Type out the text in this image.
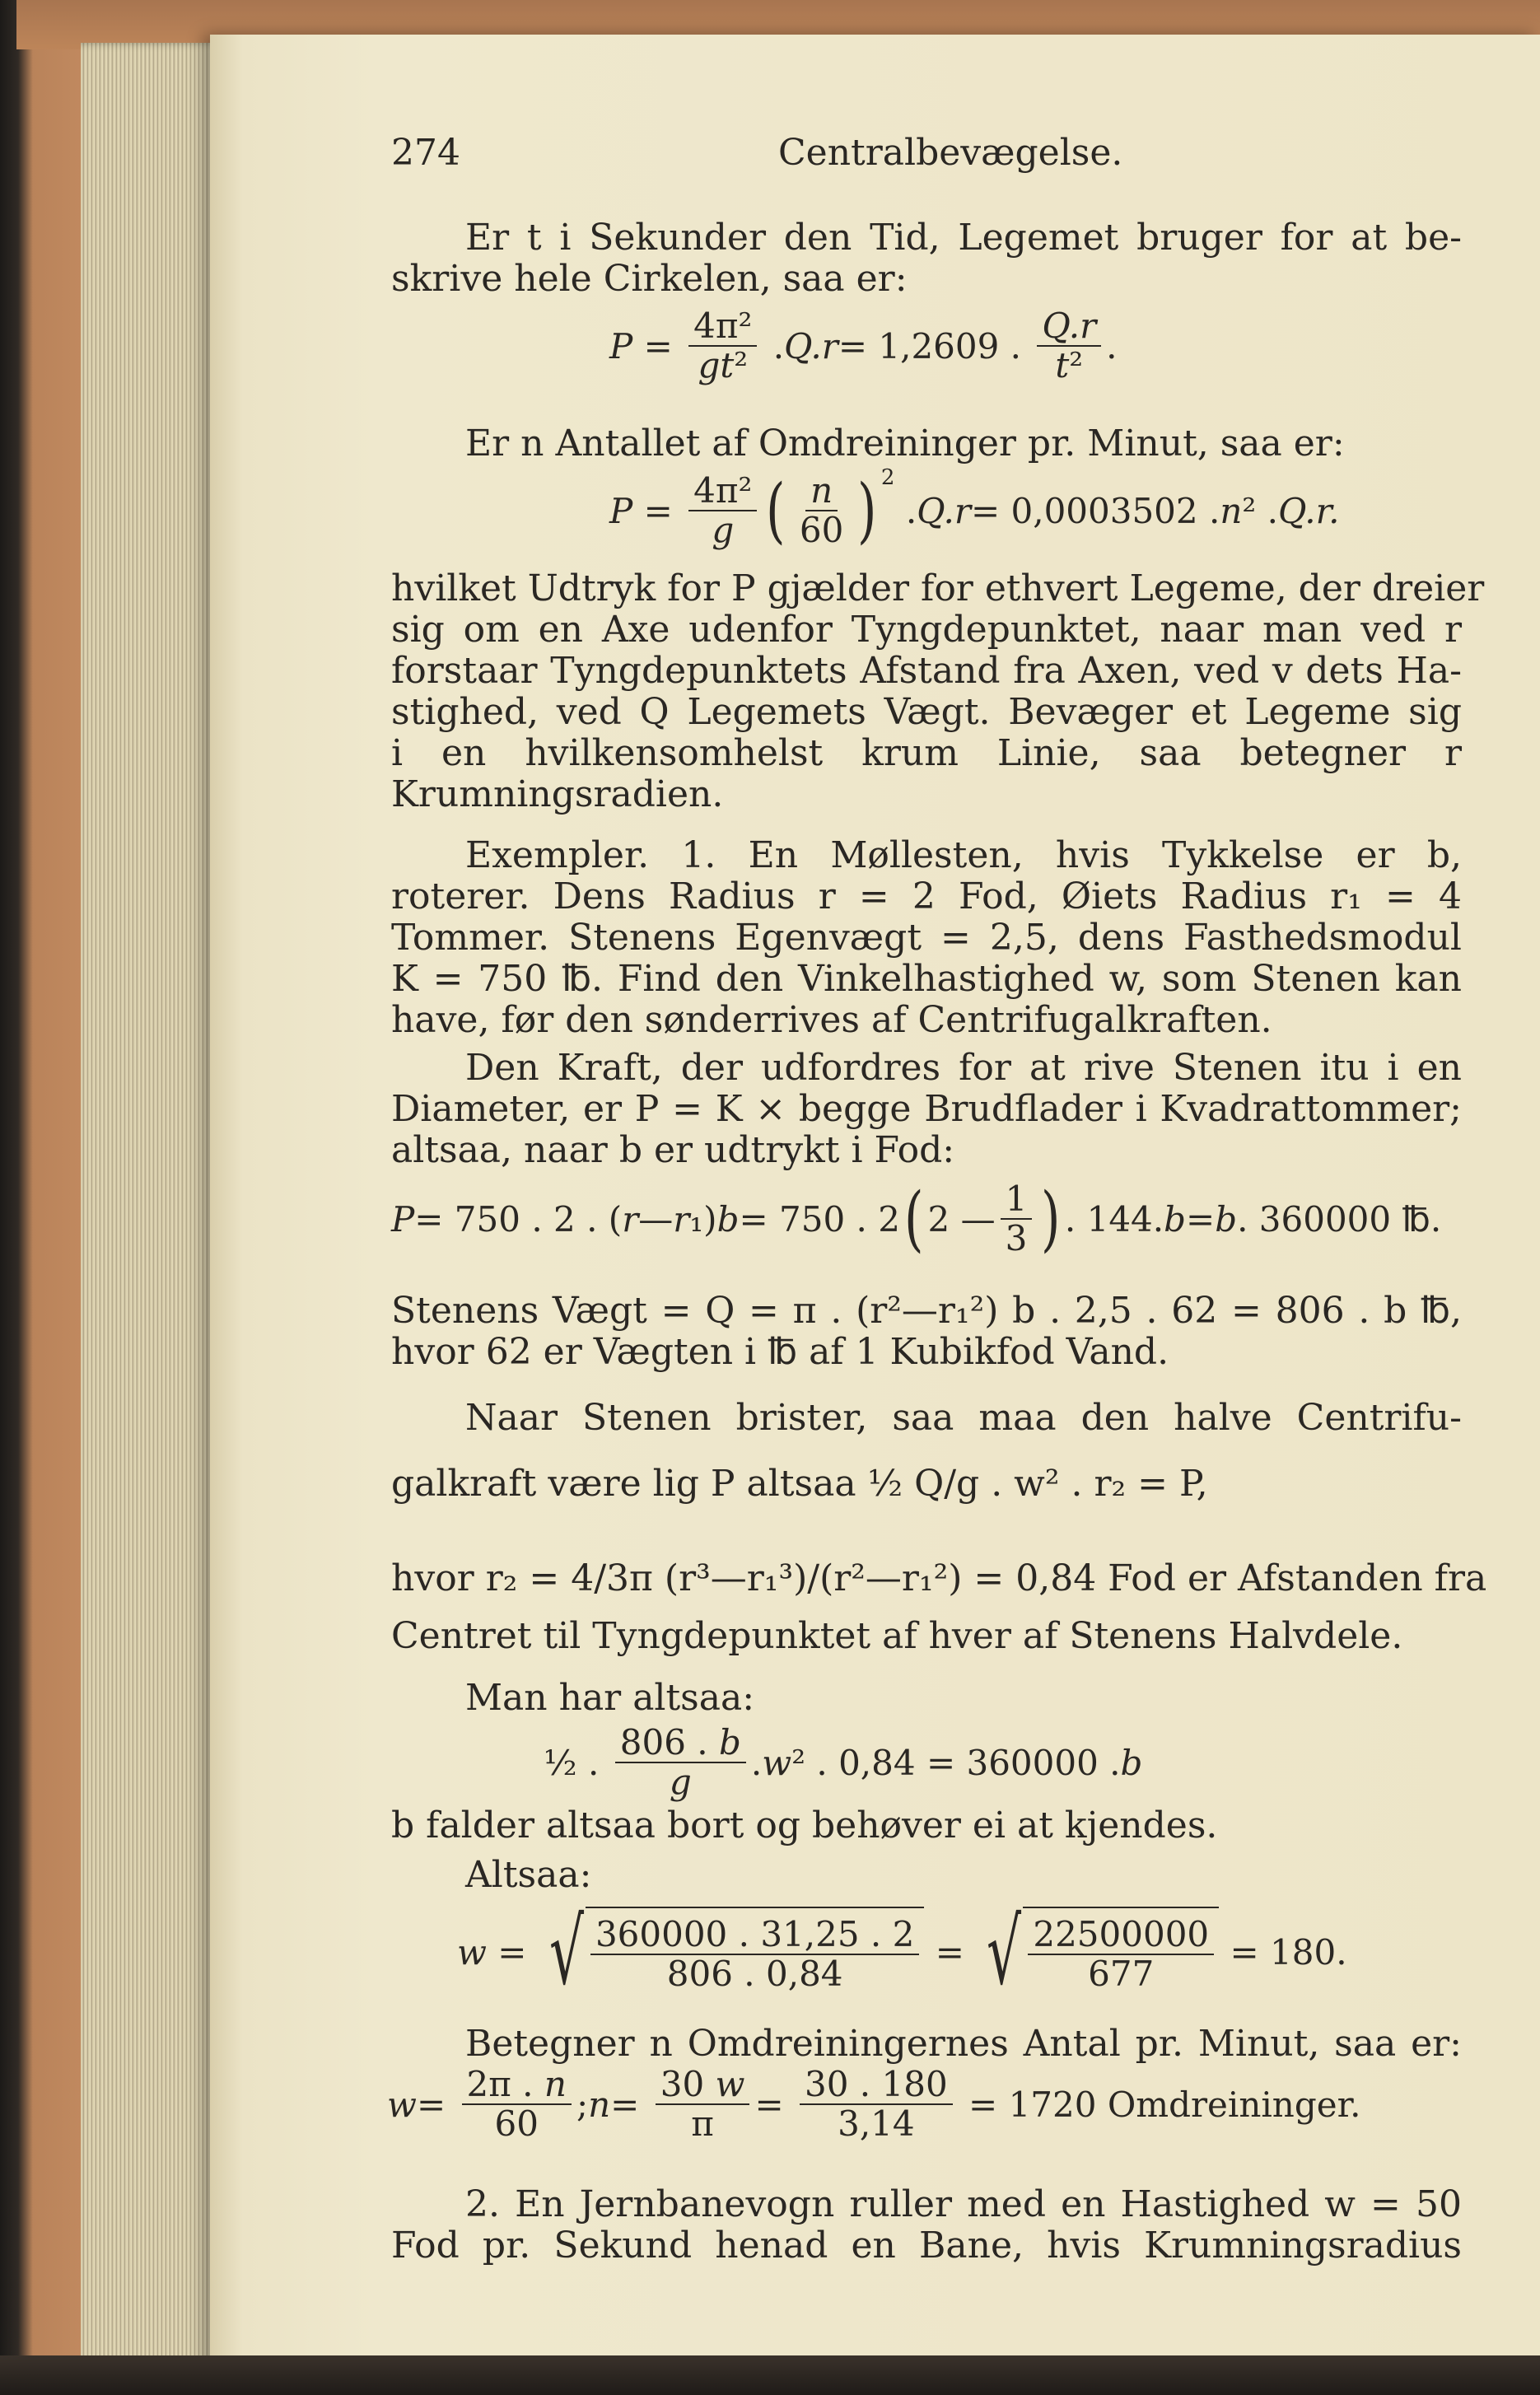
274	Centralbevægelse.
Er t i Sekunder den Tid, Legemet bruger for at be-
skrive hele Cirkelen, saa er:
$P = \frac{\text{4π²}}{\text{gt²}}$ . Q.r = 1,2609 . $\frac{Q.r}{\text{t²}}$ .
Er n Antallet af Omdreininger pr. Minut, saa er:
$P = \frac{\text{4π²}}{g}$ ( $\frac{n}{60} )^2$
. Q.r = 0,0003502 . n ² . Q.r.
hvilket Udtryk for P gjælder for ethvert Legeme, der dreier
sig om en Axe udenfor Tyngdepunktet, naar man ved r
forstaar Tyngdepunktets Afstand fra Axen, ved v dets Ha-
stighed, ved Q Legemets Vægt. Bevæger et Legeme sig
i en hvilkensomhelst krum Linie, saa betegner r
Krumningsradien.
Exempler. 1. En Møllesten, hvis Tykkelse er b,
roterer. Dens Radius r = 2 Fod, Øiets Radius r₁ = 4
Tommer. Stenens Egenvægt = 2,5, dens Fasthedsmodul
K = 750 ℔. Find den Vinkelhastighed w, som Stenen kan
have, før den sønderrives af Centrifugalkraften.
Den Kraft, der udfordres for at rive Stenen itu i en
Diameter, er P = K × begge Brudflader i Kvadrattommer;
altsaa, naar b er udtrykt i Fod:
P = 750 . 2 . ( r — r ₁) b = 750 . 2 ( 2 — $\frac{1}{3}$ ) . 144. b = b . 360000 ℔.
Stenens Vægt = Q = π . (r²—r₁²) b . 2,5 . 62 = 806 . b ℔,
hvor 62 er Vægten i ℔ af 1 Kubikfod Vand.
Naar Stenen brister, saa maa den halve Centrifu-
galkraft være lig P altsaa ½ Q/g . w² . r₂ = P,
hvor r₂ = 4/3π (r³—r₁³)/(r²—r₁²) = 0,84 Fod er Afstanden fra
Centret til Tyngdepunktet af hver af Stenens Halvdele.
Man har altsaa:
½ . $\frac{806 . b}{g}$ . w ² . 0,84 = 360000 . b
b falder altsaa bort og behøver ei at kjendes.
Altsaa:
w = √ $\frac{360000 . 31,25 . 2}{806 . 0,84}$ = √ $\frac{22500000}{677} = 180$.
Betegner n Omdreiningernes Antal pr. Minut, saa er:
$w = \frac{2\pi . n}{60}$ ; $n = \frac{30 w}{\pi} = \frac{30 . 180}{3,14} = 1720$ Omdreininger.
2. En Jernbanevogn ruller med en Hastighed w = 50
Fod pr. Sekund henad en Bane, hvis Krumningsradius
